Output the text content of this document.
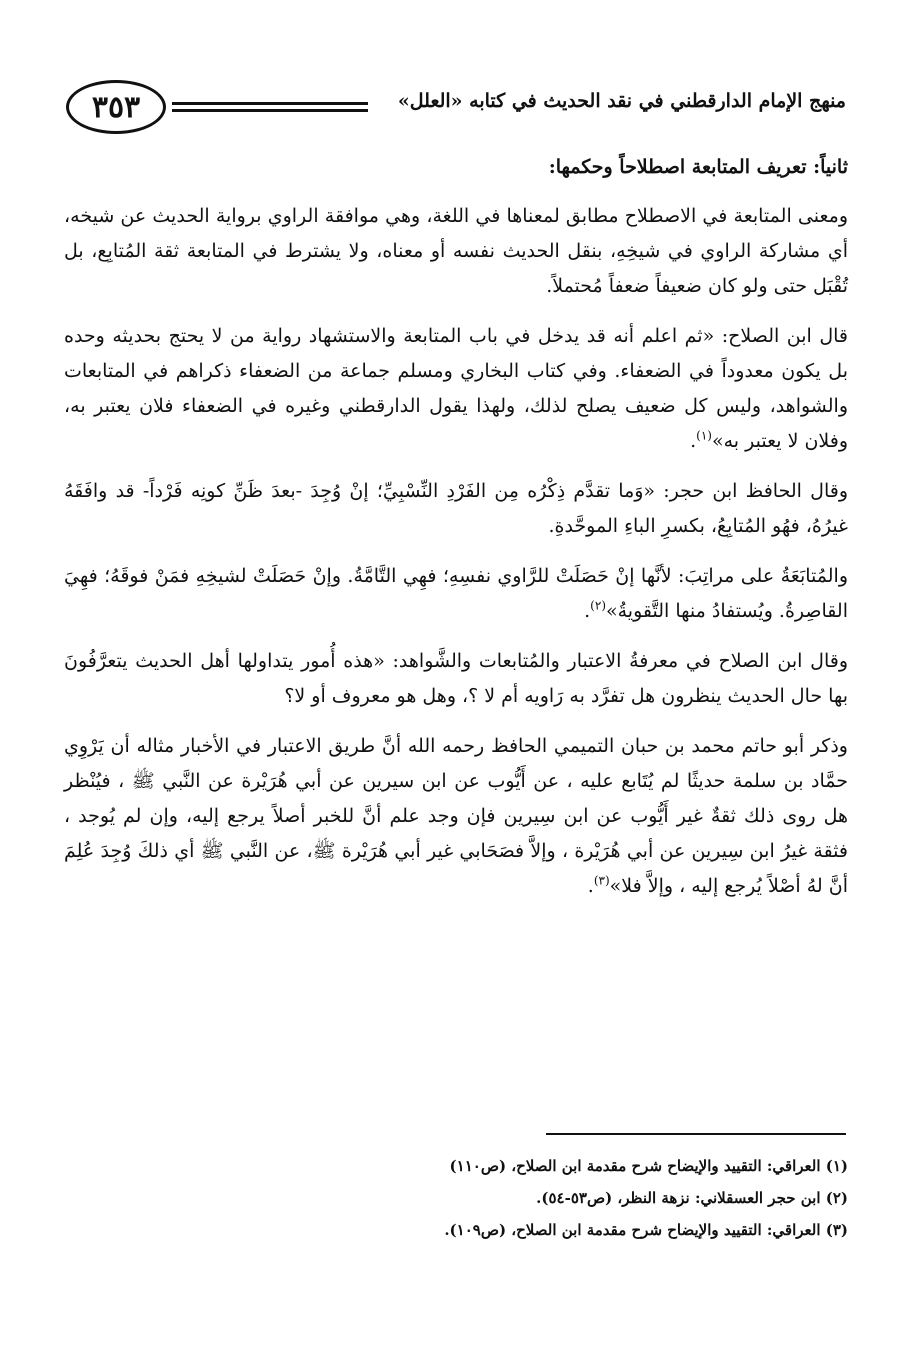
٣٥٣	منهج الإمام الدارقطني في نقد الحديث في كتابه «العلل»
ثانياً: تعريف المتابعة اصطلاحاً وحكمها:

ومعنى المتابعة في الاصطلاح مطابق لمعناها في اللغة، وهي موافقة الراوي برواية الحديث عن شيخه، أي مشاركة الراوي في شيخِهِ، بنقل الحديث نفسه أو معناه، ولا يشترط في المتابعة ثقة المُتابِع، بل تُقْبَل حتى ولو كان ضعيفاً ضعفاً مُحتملاً.

قال ابن الصلاح: «ثم اعلم أنه قد يدخل في باب المتابعة والاستشهاد رواية من لا يحتج بحديثه وحده بل يكون معدوداً في الضعفاء. وفي كتاب البخاري ومسلم جماعة من الضعفاء ذكراهم في المتابعات والشواهد، وليس كل ضعيف يصلح لذلك، ولهذا يقول الدارقطني وغيره في الضعفاء فلان يعتبر به، وفلان لا يعتبر به»$^{(١)}$.

وقال الحافظ ابن حجر: «وَما تقدَّم ذِكْرُه مِن الفَرْدِ النِّسْبِيِّ؛ إنْ وُجِدَ -بعدَ ظَنِّ كونِه فَرْداً- قد وافَقَهُ غيرُهُ، فهُو المُتابِعُ، بكسرِ الباءِ الموحَّدةِ.

والمُتابَعَةُ على مراتِبَ: لأنَّها إنْ حَصَلَتْ للرَّاوي نفسِهِ؛ فهِي التَّامَّةُ. وإنْ حَصَلَتْ لشيخِهِ فمَنْ فوقَهُ؛ فهِيَ القاصِرةُ. ويُستفادُ منها التَّقويةُ»$^{(٢)}$.

وقال ابن الصلاح في معرفةُ الاعتبار والمُتابعات والشَّواهد: «هذه أُمور يتداولها أهل الحديث يتعرَّفُونَ بها حال الحديث ينظرون هل تفرَّد به رَاويه أم لا ؟، وهل هو معروف أو لا؟

وذكر أبو حاتم محمد بن حبان التميمي الحافظ رحمه الله أنَّ طريق الاعتبار في الأخبار مثاله أن يَرْوِي حمَّاد بن سلمة حديثًا لم يُتَابع عليه ، عن أَيُّوب عن ابن سيرين عن أبي هُرَيْرة عن النَّبي ﷺ ، فيُنْظر هل روى ذلك ثقةٌ غير أَيُّوب عن ابن سِيرين فإن وجد علم أنَّ للخبر أصلاً يرجع إليه، وإن لم يُوجد ، فثقة غيرُ ابن سِيرين عن أبي هُرَيْرة ، وإلاَّ فصَحَابي غير أبي هُرَيْرة ﷺ، عن النَّبي ﷺ أي ذلكَ وُجِدَ عُلِمَ أنَّ لهُ أصْلاً يُرجع إليه ، وإلاَّ فلا»$^{(٣)}$.

(١) العراقي: التقييد والإيضاح شرح مقدمة ابن الصلاح، (ص١١٠)
(٢) ابن حجر العسقلاني: نزهة النظر، (ص٥٣-٥٤).
(٣) العراقي: التقييد والإيضاح شرح مقدمة ابن الصلاح، (ص١٠٩).
